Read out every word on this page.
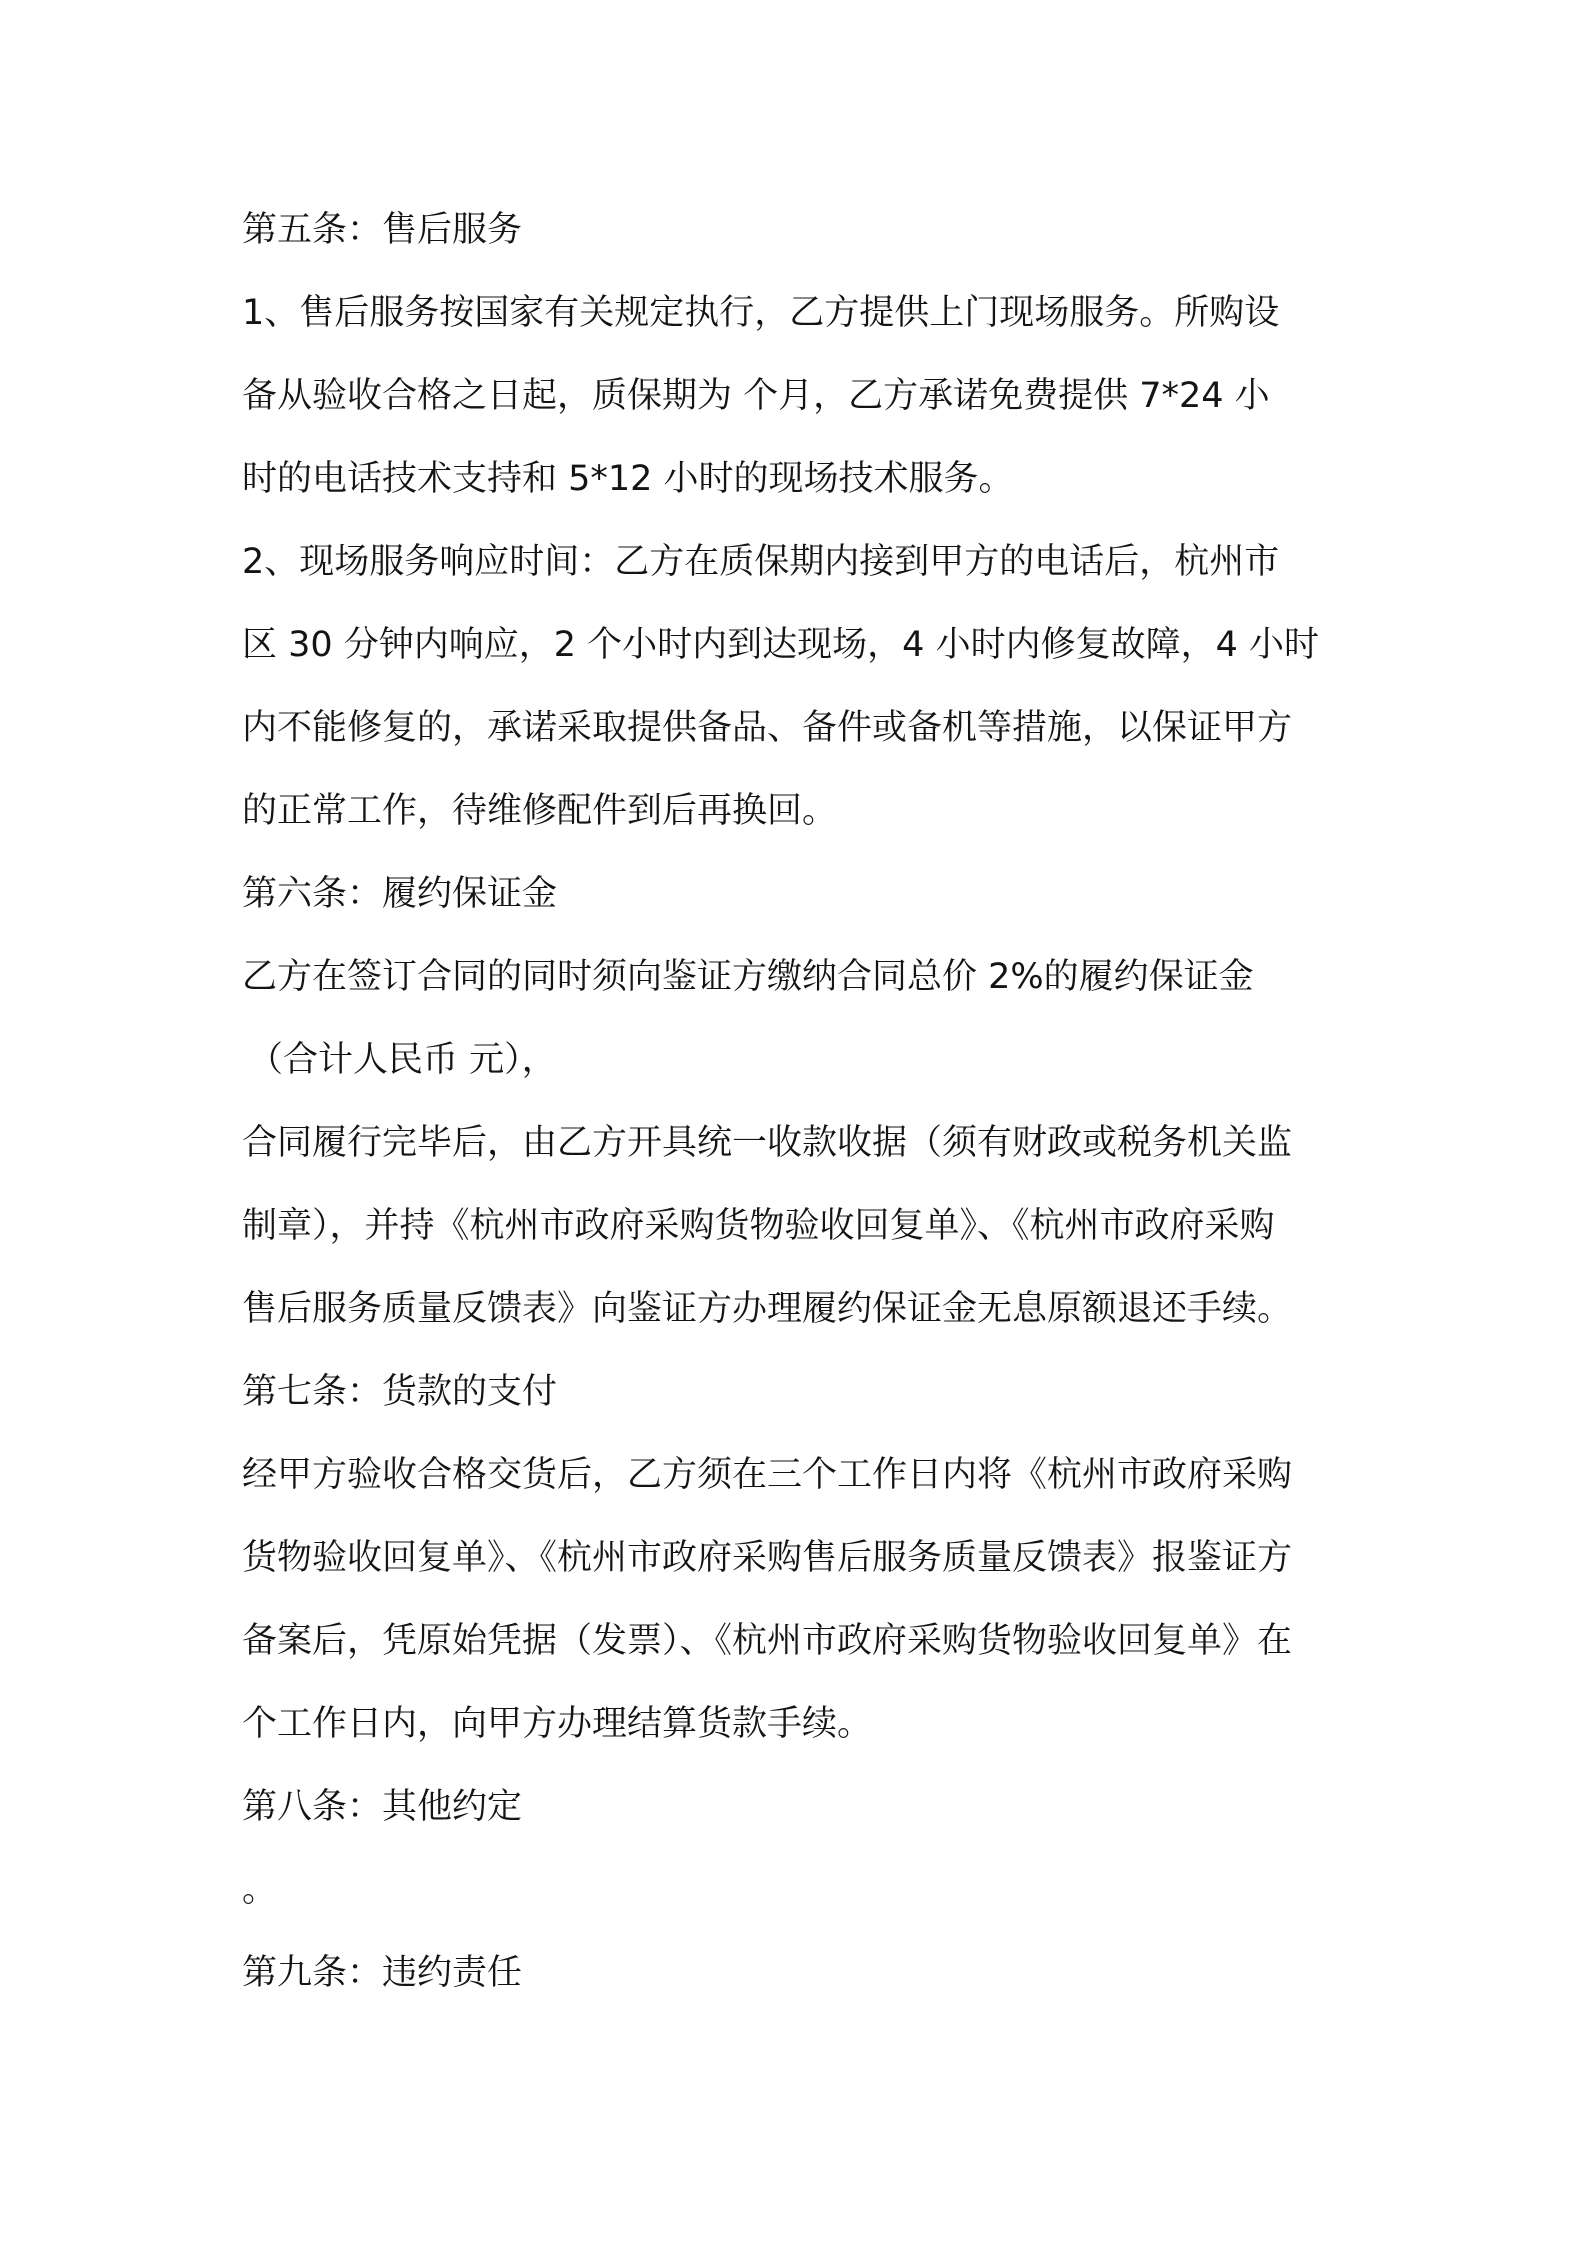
第五条：售后服务

1、售后服务按国家有关规定执行，乙方提供上门现场服务。所购设

备从验收合格之日起，质保期为 个月，乙方承诺免费提供 7*24 小

时的电话技术支持和 5*12 小时的现场技术服务。

2、现场服务响应时间：乙方在质保期内接到甲方的电话后，杭州市

区 30 分钟内响应，2 个小时内到达现场，4 小时内修复故障，4 小时

内不能修复的，承诺采取提供备品、备件或备机等措施，以保证甲方

的正常工作，待维修配件到后再换回。

第六条：履约保证金

乙方在签订合同的同时须向鉴证方缴纳合同总价 2%的履约保证金

（合计人民币 元），

合同履行完毕后，由乙方开具统一收款收据（须有财政或税务机关监

制章），并持《杭州市政府采购货物验收回复单》、《杭州市政府采购

售后服务质量反馈表》向鉴证方办理履约保证金无息原额退还手续。

第七条：货款的支付

经甲方验收合格交货后，乙方须在三个工作日内将《杭州市政府采购

货物验收回复单》、《杭州市政府采购售后服务质量反馈表》报鉴证方

备案后，凭原始凭据（发票）、《杭州市政府采购货物验收回复单》在

个工作日内，向甲方办理结算货款手续。

第八条：其他约定

。

第九条：违约责任
